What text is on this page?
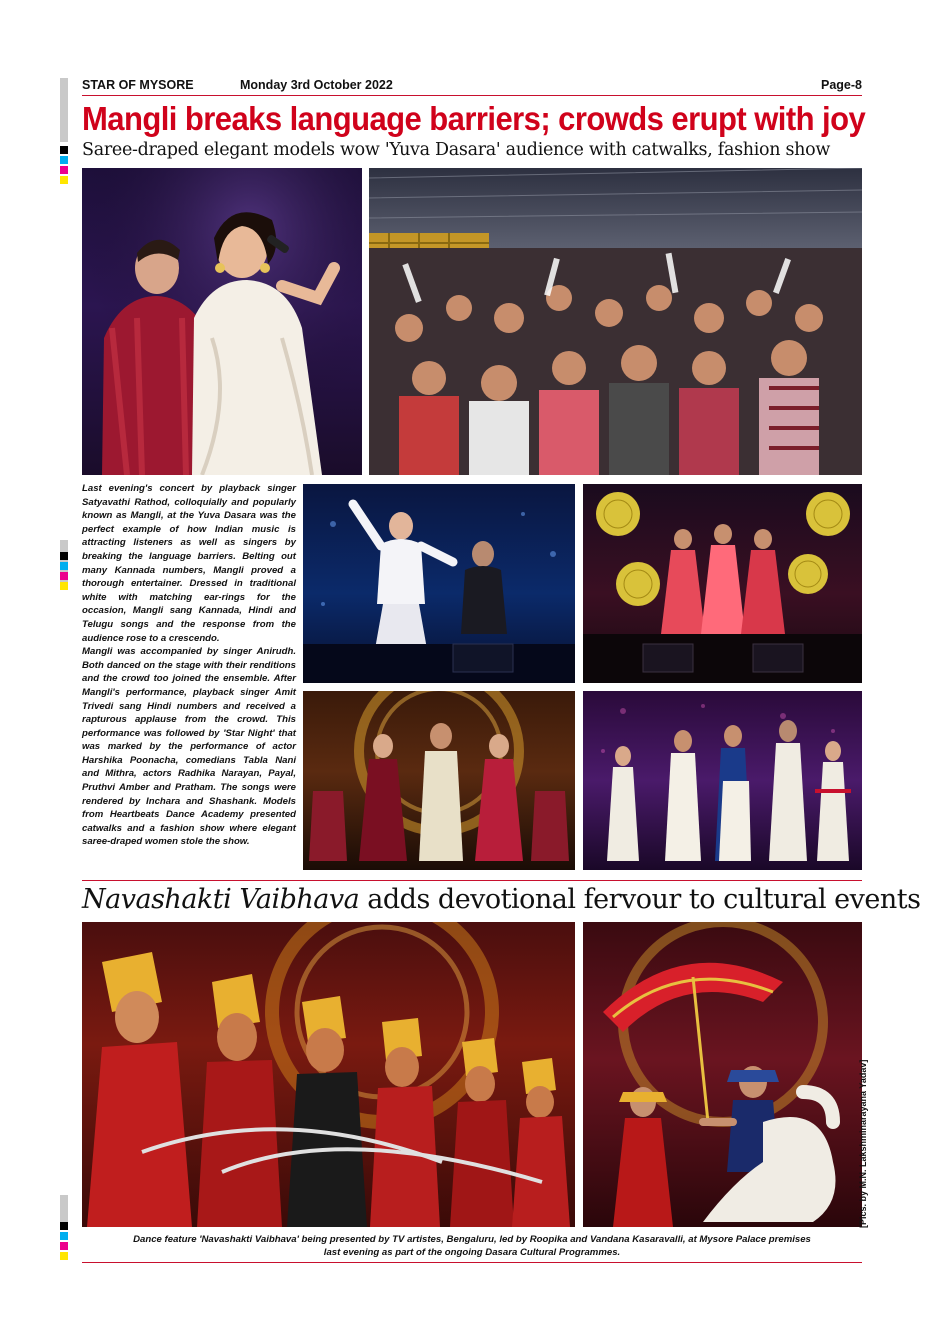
STAR OF MYSORE	Monday 3rd October 2022	Page-8
Mangli breaks language barriers; crowds erupt with joy
Saree-draped elegant models wow 'Yuva Dasara' audience with catwalks, fashion show

Last evening's concert by playback singer Satyavathi Rathod, colloquially and popularly known as Mangli, at the Yuva Dasara was the perfect example of how Indian music is attracting listeners as well as singers by breaking the language barriers. Belting out many Kannada numbers, Mangli proved a thorough entertainer. Dressed in traditional white with matching ear-rings for the occasion, Mangli sang Kannada, Hindi and Telugu songs and the response from the audience rose to a crescendo.

Mangli was accompanied by singer Anirudh. Both danced on the stage with their renditions and the crowd too joined the ensemble. After Mangli's performance, playback singer Amit Trivedi sang Hindi numbers and received a rapturous applause from the crowd. This performance was followed by 'Star Night' that was marked by the performance of actor Harshika Poonacha, comedians Tabla Nani and Mithra, actors Radhika Narayan, Payal, Pruthvi Amber and Pratham. The songs were rendered by Inchara and Shashank. Models from Heartbeats Dance Academy presented catwalks and a fashion show where elegant saree-draped women stole the show.

Navashakti Vaibhava adds devotional fervour to cultural events
[Pics. by M.N. Lakshminarayana Yadav]
Dance feature 'Navashakti Vaibhava' being presented by TV artistes, Bengaluru, led by Roopika and Vandana Kasaravalli, at Mysore Palace premises
last evening as part of the ongoing Dasara Cultural Programmes.
